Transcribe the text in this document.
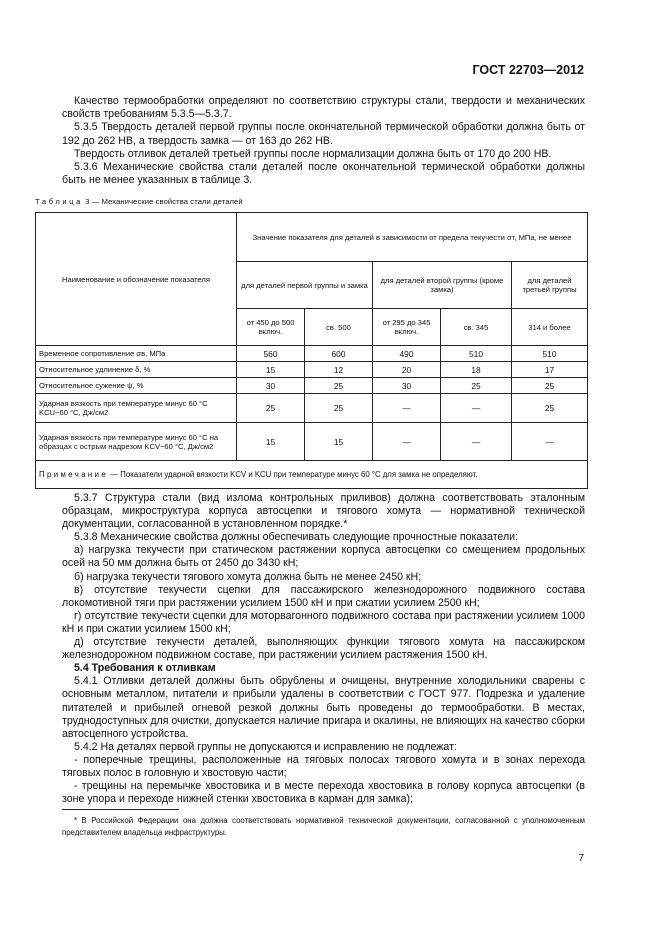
ГОСТ 22703—2012

Качество термообработки определяют по соответствию структуры стали, твердости и механических свойств требованиям 5.3.5—5.3.7.

5.3.5 Твердость деталей первой группы после окончательной термической обработки должна быть от 192 до 262 НВ, а твердость замка — от 163 до 262 НВ.

Твердость отливок деталей третьей группы после нормализации должна быть от 170 до 200 НВ.

5.3.6 Механические свойства стали деталей после окончательной термической обработки должны быть не менее указанных в таблице 3.

Таблица 3 — Механические свойства стали деталей
Наименование и обозначение показателя	Значение показателя для деталей в зависимости от предела текучести σт, МПа, не менее				
	для деталей первой группы и замка		для деталей второй группы (кроме замка)		для деталей третьей группы
	от 450 до 500 включ.	св. 500	от 295 до 345 включ.	св. 345	314 и более
Временное сопротивление σв, МПа	560	600	490	510	510
Относительное удлинение δ, %	15	12	20	18	17
Относительное сужение ψ, %	30	25	30	25	25
Ударная вязкость при температуре минус 60 °С KCU−60 °С, Дж/см2	25	25	—	—	25
Ударная вязкость при температуре минус 60 °С на образцах с острым надрезом KCV−60 °С, Дж/см2	15	15	—	—	—
Примечание — Показатели ударной вязкости KCV и KCU при температуре минус 60 °С для замка не определяют.					

5.3.7 Структура стали (вид излома контрольных приливов) должна соответствовать эталонным образцам, микроструктура корпуса автосцепки и тягового хомута — нормативной технической документации, согласованной в установленном порядке.*

5.3.8 Механические свойства должны обеспечивать следующие прочностные показатели:

а) нагрузка текучести при статическом растяжении корпуса автосцепки со смещением продольных осей на 50 мм должна быть от 2450 до 3430 кН;

б) нагрузка текучести тягового хомута должна быть не менее 2450 кН;

в) отсутствие текучести сцепки для пассажирского железнодорожного подвижного состава локомотивной тяги при растяжении усилием 1500 кН и при сжатии усилием 2500 кН;

г) отсутствие текучести сцепки для моторвагонного подвижного состава при растяжении усилием 1000 кН и при сжатии усилием 1500 кН;

д) отсутствие текучести деталей, выполняющих функции тягового хомута на пассажирском железнодорожном подвижном составе, при растяжении усилием растяжения 1500 кН.

5.4 Требования к отливкам

5.4.1 Отливки деталей должны быть обрублены и очищены, внутренние холодильники сварены с основным металлом, питатели и прибыли удалены в соответствии с ГОСТ 977. Подрезка и удаление питателей и прибылей огневой резкой должны быть проведены до термообработки. В местах, труднодоступных для очистки, допускается наличие пригара и окалины, не влияющих на качество сборки автосцепного устройства.

5.4.2 На деталях первой группы не допускаются и исправлению не подлежат:

- поперечные трещины, расположенные на тяговых полосах тягового хомута и в зонах перехода тяговых полос в головную и хвостовую части;

- трещины на перемычке хвостовика и в месте перехода хвостовика в голову корпуса автосцепки (в зоне упора и переходе нижней стенки хвостовика в карман для замка);

* В Российской Федерации она должна соответствовать нормативной технической документации, согласованной с уполномоченным представителем владельца инфраструктуры.
7
